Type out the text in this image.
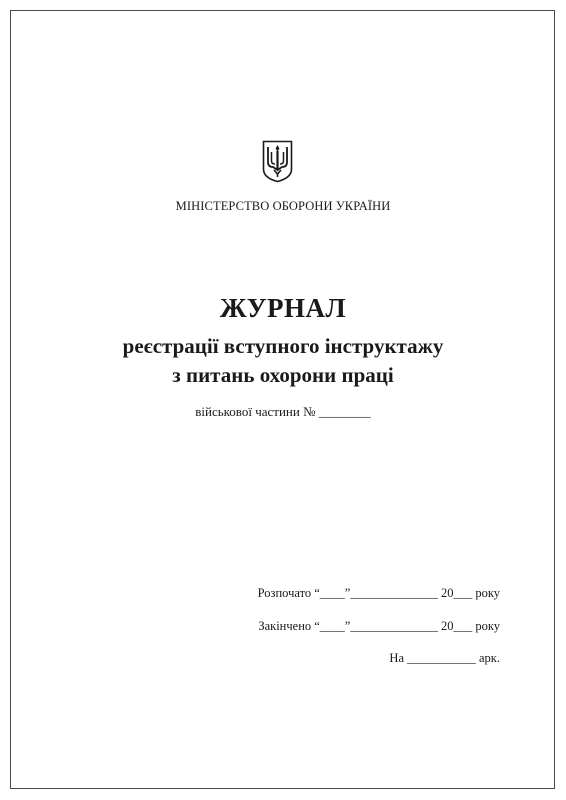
МІНІСТЕРСТВО ОБОРОНИ УКРАЇНИ
ЖУРНАЛ
реєстрації вступного інструктажу
з питань охорони праці
військової частини № ________
Розпочато “____”______________ 20___ року
Закінчено “____”______________ 20___ року
На ___________ арк.
